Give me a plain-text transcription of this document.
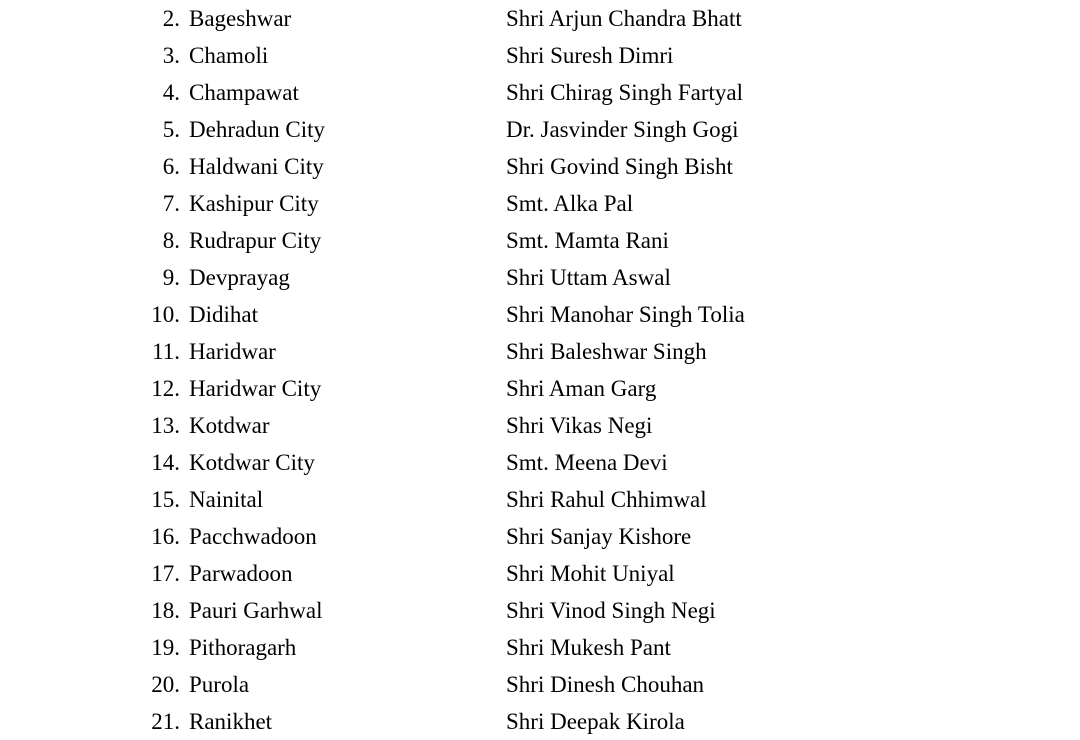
2. Bageshwar	Shri Arjun Chandra Bhatt
3. Chamoli	Shri Suresh Dimri
4. Champawat	Shri Chirag Singh Fartyal
5. Dehradun City	Dr. Jasvinder Singh Gogi
6. Haldwani City	Shri Govind Singh Bisht
7. Kashipur City	Smt. Alka Pal
8. Rudrapur City	Smt. Mamta Rani
9. Devprayag	Shri Uttam Aswal
10. Didihat	Shri Manohar Singh Tolia
11. Haridwar	Shri Baleshwar Singh
12. Haridwar City	Shri Aman Garg
13. Kotdwar	Shri Vikas Negi
14. Kotdwar City	Smt. Meena Devi
15. Nainital	Shri Rahul Chhimwal
16. Pacchwadoon	Shri Sanjay Kishore
17. Parwadoon	Shri Mohit Uniyal
18. Pauri Garhwal	Shri Vinod Singh Negi
19. Pithoragarh	Shri Mukesh Pant
20. Purola	Shri Dinesh Chouhan
21. Ranikhet	Shri Deepak Kirola
